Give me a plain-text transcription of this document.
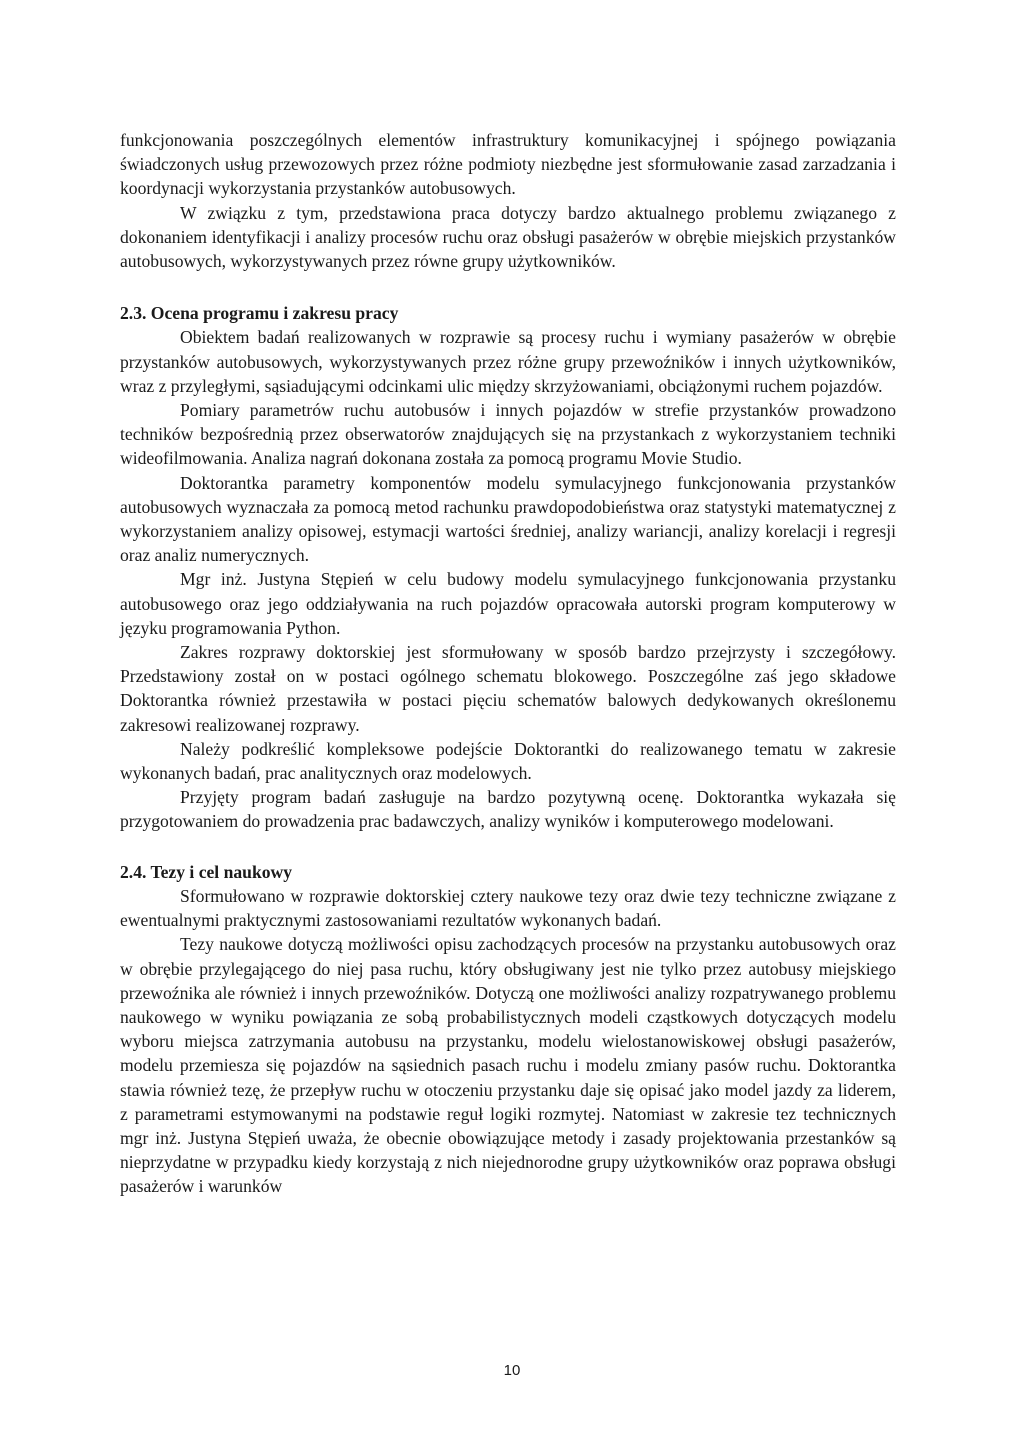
funkcjonowania poszczególnych elementów infrastruktury komunikacyjnej i spójnego powiązania świadczonych usług przewozowych przez różne podmioty niezbędne jest sformułowanie zasad zarzadzania i koordynacji wykorzystania przystanków autobusowych.

W związku z tym, przedstawiona praca dotyczy bardzo aktualnego problemu związanego z dokonaniem identyfikacji i analizy procesów ruchu oraz obsługi pasażerów w obrębie miejskich przystanków autobusowych, wykorzystywanych przez równe grupy użytkowników.

2.3. Ocena programu i zakresu pracy

Obiektem badań realizowanych w rozprawie są procesy ruchu i wymiany pasażerów w obrębie przystanków autobusowych, wykorzystywanych przez różne grupy przewoźników i innych użytkowników, wraz z przyległymi, sąsiadującymi odcinkami ulic między skrzyżowaniami, obciążonymi ruchem pojazdów.

Pomiary parametrów ruchu autobusów i innych pojazdów w strefie przystanków prowadzono techników bezpośrednią przez obserwatorów znajdujących się na przystankach z wykorzystaniem techniki wideofilmowania. Analiza nagrań dokonana została za pomocą programu Movie Studio.

Doktorantka parametry komponentów modelu symulacyjnego funkcjonowania przystanków autobusowych wyznaczała za pomocą metod rachunku prawdopodobieństwa oraz statystyki matematycznej z wykorzystaniem analizy opisowej, estymacji wartości średniej, analizy wariancji, analizy korelacji i regresji oraz analiz numerycznych.

Mgr inż. Justyna Stępień w celu budowy modelu symulacyjnego funkcjonowania przystanku autobusowego oraz jego oddziaływania na ruch pojazdów opracowała autorski program komputerowy w języku programowania Python.

Zakres rozprawy doktorskiej jest sformułowany w sposób bardzo przejrzysty i szczegółowy. Przedstawiony został on w postaci ogólnego schematu blokowego. Poszczególne zaś jego składowe Doktorantka również przestawiła w postaci pięciu schematów balowych dedykowanych określonemu zakresowi realizowanej rozprawy.

Należy podkreślić kompleksowe podejście Doktorantki do realizowanego tematu w zakresie wykonanych badań, prac analitycznych oraz modelowych.

Przyjęty program badań zasługuje na bardzo pozytywną ocenę. Doktorantka wykazała się przygotowaniem do prowadzenia prac badawczych, analizy wyników i komputerowego modelowani.

2.4. Tezy i cel naukowy

Sformułowano w rozprawie doktorskiej cztery naukowe tezy oraz dwie tezy techniczne związane z ewentualnymi praktycznymi zastosowaniami rezultatów wykonanych badań.

Tezy naukowe dotyczą możliwości opisu zachodzących procesów na przystanku autobusowych oraz w obrębie przylegającego do niej pasa ruchu, który obsługiwany jest nie tylko przez autobusy miejskiego przewoźnika ale również i innych przewoźników. Dotyczą one możliwości analizy rozpatrywanego problemu naukowego w wyniku powiązania ze sobą probabilistycznych modeli cząstkowych dotyczących modelu wyboru miejsca zatrzymania autobusu na przystanku, modelu wielostanowiskowej obsługi pasażerów, modelu przemiesza się pojazdów na sąsiednich pasach ruchu i modelu zmiany pasów ruchu. Doktorantka stawia również tezę, że przepływ ruchu w otoczeniu przystanku daje się opisać jako model jazdy za liderem, z parametrami estymowanymi na podstawie reguł logiki rozmytej. Natomiast w zakresie tez technicznych mgr inż. Justyna Stępień uważa, że obecnie obowiązujące metody i zasady projektowania przestanków są nieprzydatne w przypadku kiedy korzystają z nich niejednorodne grupy użytkowników oraz poprawa obsługi pasażerów i warunków

10
